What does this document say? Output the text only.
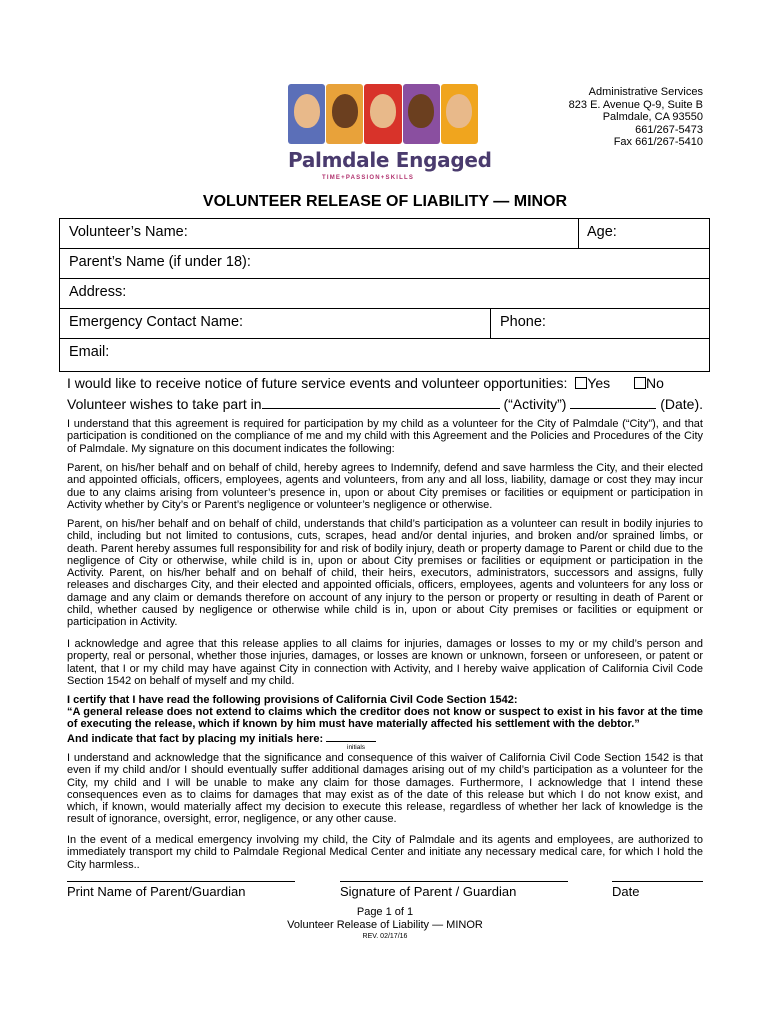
Palmdale Engaged
TIME+PASSION+SKILLS
Administrative Services
823 E. Avenue Q-9, Suite B
Palmdale, CA 93550
661/267-5473
Fax 661/267-5410
VOLUNTEER RELEASE OF LIABILITY — MINOR
Volunteer’s Name:	Age:
Parent’s Name (if under 18):
Address:
Emergency Contact Name:	Phone:
Email:
I would like to receive notice of future service events and volunteer opportunities: Yes	No
Volunteer wishes to take part in	(“Activity”)	(Date).

I understand that this agreement is required for participation by my child as a volunteer for the City of Palmdale (“City”), and that participation is conditioned on the compliance of me and my child with this Agreement and the Policies and Procedures of the City of Palmdale. My signature on this document indicates the following:

Parent, on his/her behalf and on behalf of child, hereby agrees to Indemnify, defend and save harmless the City, and their elected and appointed officials, officers, employees, agents and volunteers, from any and all loss, liability, damage or cost they may incur due to any claims arising from volunteer’s presence in, upon or about City premises or facilities or equipment or participation in Activity whether by City’s or Parent’s negligence or volunteer’s negligence or otherwise.

Parent, on his/her behalf and on behalf of child, understands that child’s participation as a volunteer can result in bodily injuries to child, including but not limited to contusions, cuts, scrapes, head and/or dental injuries, and broken and/or sprained limbs, or death. Parent hereby assumes full responsibility for and risk of bodily injury, death or property damage to Parent or child due to the negligence of City or otherwise, while child is in, upon or about City premises or facilities or equipment or participation in the Activity. Parent, on his/her behalf and on behalf of child, their heirs, executors, administrators, successors and assigns, fully releases and discharges City, and their elected and appointed officials, officers, employees, agents and volunteers for any loss or damage and any claim or demands therefore on account of any injury to the person or property or resulting in death of Parent or child, whether caused by negligence or otherwise while child is in, upon or about City premises or facilities or equipment or participation in Activity.

I acknowledge and agree that this release applies to all claims for injuries, damages or losses to my or my child’s person and property, real or personal, whether those injuries, damages, or losses are known or unknown, forseen or unforeseen, or patent or latent, that I or my child may have against City in connection with Activity, and I hereby waive application of California Civil Code Section 1542 on behalf of myself and my child.

I certify that I have read the following provisions of California Civil Code Section 1542:

“A general release does not extend to claims which the creditor does not know or suspect to exist in his favor at the time of executing the release, which if known by him must have materially affected his settlement with the debtor.”

And indicate that fact by placing my initials here:
initials

I understand and acknowledge that the significance and consequence of this waiver of California Civil Code Section 1542 is that even if my child and/or I should eventually suffer additional damages arising out of my child’s participation as a volunteer for the City, my child and I will be unable to make any claim for those damages. Furthermore, I acknowledge that I intend these consequences even as to claims for damages that may exist as of the date of this release but which I do not know exist, and which, if known, would materially affect my decision to execute this release, regardless of whether her lack of knowledge is the result of ignorance, oversight, error, negligence, or any other cause.

In the event of a medical emergency involving my child, the City of Palmdale and its agents and employees, are authorized to immediately transport my child to Palmdale Regional Medical Center and initiate any necessary medical care, for which I hold the City harmless..

Print Name of Parent/Guardian	Signature of Parent / Guardian	Date
Page 1 of 1
Volunteer Release of Liability — MINOR
REV. 02/17/16
